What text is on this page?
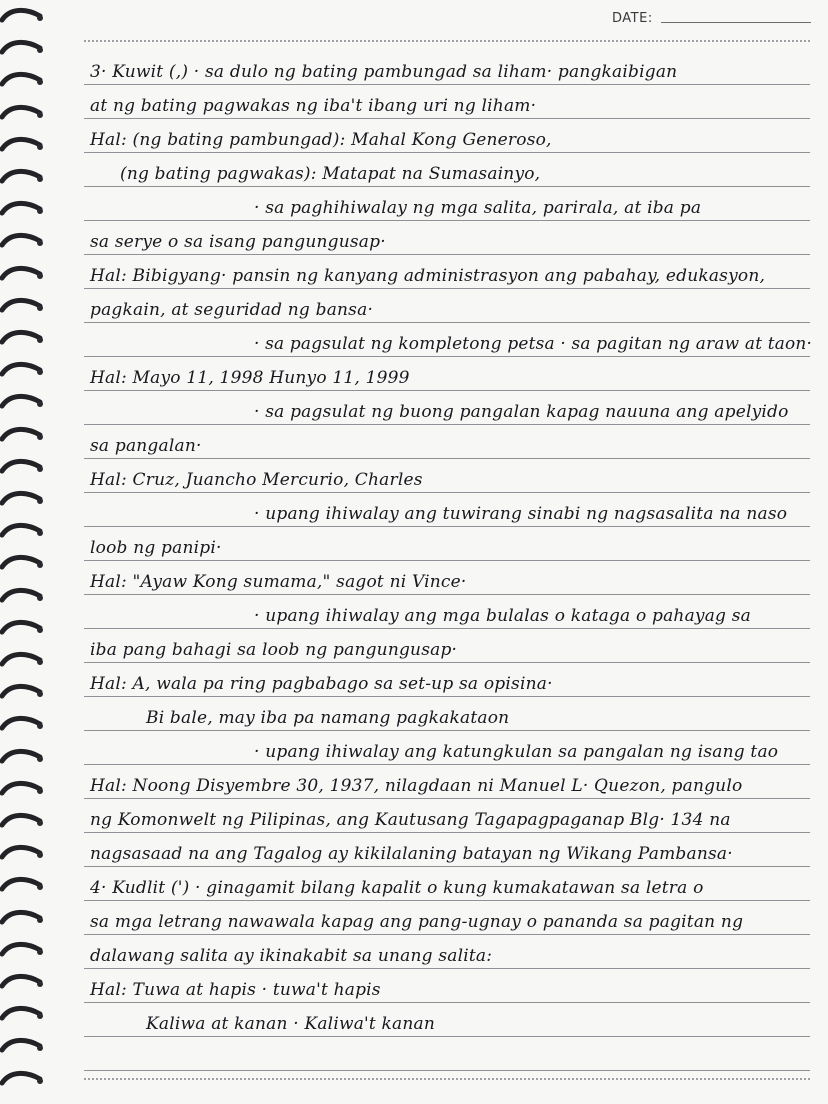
DATE:
3· Kuwit (,) · sa dulo ng bating pambungad sa liham· pangkaibigan
at ng bating pagwakas ng iba't ibang uri ng liham·
Hal: (ng bating pambungad): Mahal Kong Generoso,
(ng bating pagwakas): Matapat na Sumasainyo,
· sa paghihiwalay ng mga salita, parirala, at iba pa
sa serye o sa isang pangungusap·
Hal: Bibigyang· pansin ng kanyang administrasyon ang pabahay, edukasyon,
pagkain, at seguridad ng bansa·
· sa pagsulat ng kompletong petsa · sa pagitan ng araw at taon·
Hal: Mayo 11, 1998 Hunyo 11, 1999
· sa pagsulat ng buong pangalan kapag nauuna ang apelyido
sa pangalan·
Hal: Cruz, Juancho Mercurio, Charles
· upang ihiwalay ang tuwirang sinabi ng nagsasalita na naso
loob ng panipi·
Hal: "Ayaw Kong sumama," sagot ni Vince·
· upang ihiwalay ang mga bulalas o kataga o pahayag sa
iba pang bahagi sa loob ng pangungusap·
Hal: A, wala pa ring pagbabago sa set-up sa opisina·
Bi bale, may iba pa namang pagkakataon
· upang ihiwalay ang katungkulan sa pangalan ng isang tao
Hal: Noong Disyembre 30, 1937, nilagdaan ni Manuel L· Quezon, pangulo
ng Komonwelt ng Pilipinas, ang Kautusang Tagapagpaganap Blg· 134 na
nagsasaad na ang Tagalog ay kikilalaning batayan ng Wikang Pambansa·
4· Kudlit (') · ginagamit bilang kapalit o kung kumakatawan sa letra o
sa mga letrang nawawala kapag ang pang-ugnay o pananda sa pagitan ng
dalawang salita ay ikinakabit sa unang salita:
Hal: Tuwa at hapis · tuwa't hapis
Kaliwa at kanan · Kaliwa't kanan
